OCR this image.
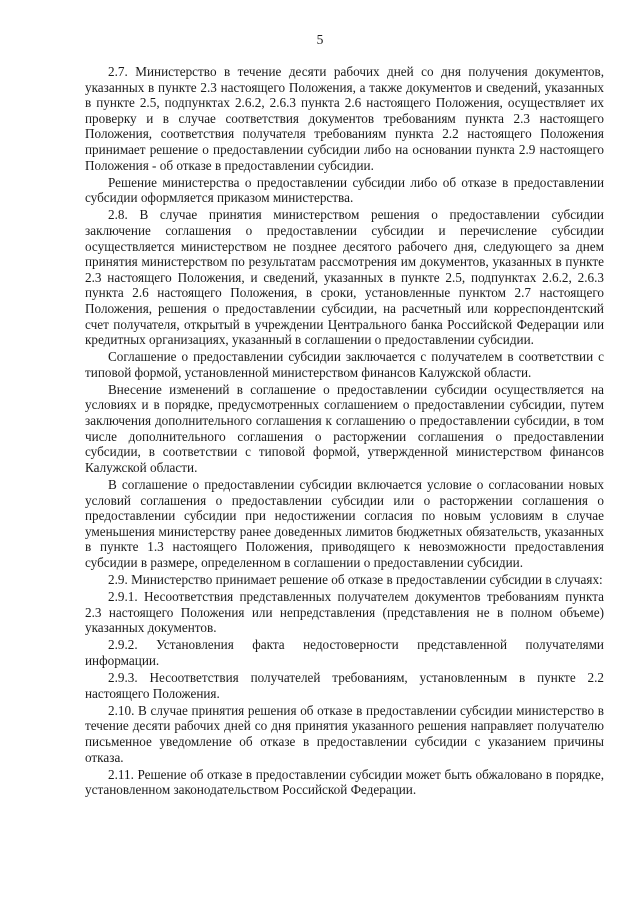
5

2.7. Министерство в течение десяти рабочих дней со дня получения документов, указанных в пункте 2.3 настоящего Положения, а также документов и сведений, указанных в пункте 2.5, подпунктах 2.6.2, 2.6.3 пункта 2.6 настоящего Положения, осуществляет их проверку и в случае соответствия документов требованиям пункта 2.3 настоящего Положения, соответствия получателя требованиям пункта 2.2 настоящего Положения принимает решение о предоставлении субсидии либо на основании пункта 2.9 настоящего Положения - об отказе в предоставлении субсидии.

Решение министерства о предоставлении субсидии либо об отказе в предоставлении субсидии оформляется приказом министерства.

2.8. В случае принятия министерством решения о предоставлении субсидии заключение соглашения о предоставлении субсидии и перечисление субсидии осуществляется министерством не позднее десятого рабочего дня, следующего за днем принятия министерством по результатам рассмотрения им документов, указанных в пункте 2.3 настоящего Положения, и сведений, указанных в пункте 2.5, подпунктах 2.6.2, 2.6.3 пункта 2.6 настоящего Положения, в сроки, установленные пунктом 2.7 настоящего Положения, решения о предоставлении субсидии, на расчетный или корреспондентский счет получателя, открытый в учреждении Центрального банка Российской Федерации или кредитных организациях, указанный в соглашении о предоставлении субсидии.

Соглашение о предоставлении субсидии заключается с получателем в соответствии с типовой формой, установленной министерством финансов Калужской области.

Внесение изменений в соглашение о предоставлении субсидии осуществляется на условиях и в порядке, предусмотренных соглашением о предоставлении субсидии, путем заключения дополнительного соглашения к соглашению о предоставлении субсидии, в том числе дополнительного соглашения о расторжении соглашения о предоставлении субсидии, в соответствии с типовой формой, утвержденной министерством финансов Калужской области.

В соглашение о предоставлении субсидии включается условие о согласовании новых условий соглашения о предоставлении субсидии или о расторжении соглашения о предоставлении субсидии при недостижении согласия по новым условиям в случае уменьшения министерству ранее доведенных лимитов бюджетных обязательств, указанных в пункте 1.3 настоящего Положения, приводящего к невозможности предоставления субсидии в размере, определенном в соглашении о предоставлении субсидии.

2.9. Министерство принимает решение об отказе в предоставлении субсидии в случаях:

2.9.1. Несоответствия представленных получателем документов требованиям пункта 2.3 настоящего Положения или непредставления (представления не в полном объеме) указанных документов.

2.9.2. Установления факта недостоверности представленной получателями информации.

2.9.3. Несоответствия получателей требованиям, установленным в пункте 2.2 настоящего Положения.

2.10. В случае принятия решения об отказе в предоставлении субсидии министерство в течение десяти рабочих дней со дня принятия указанного решения направляет получателю письменное уведомление об отказе в предоставлении субсидии с указанием причины отказа.

2.11. Решение об отказе в предоставлении субсидии может быть обжаловано в порядке, установленном законодательством Российской Федерации.
